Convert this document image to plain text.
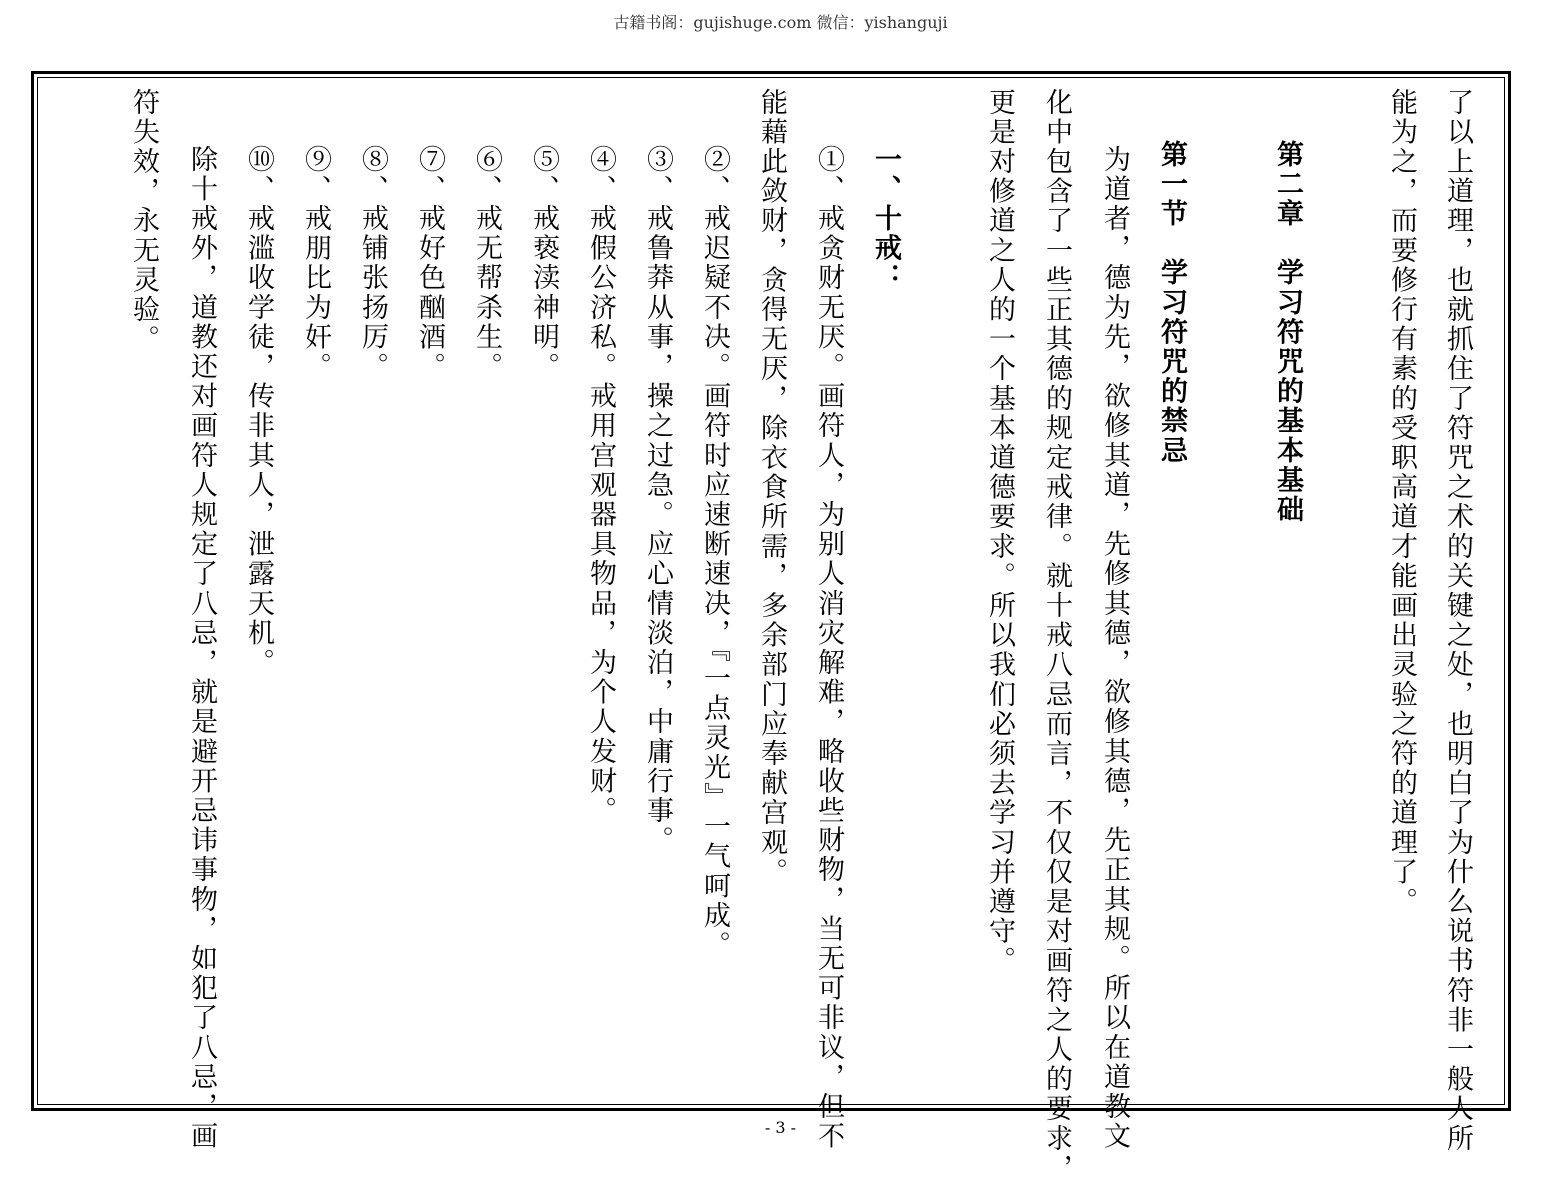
古籍书阁：gujishuge.com 微信：yishanguji
了以上道理，也就抓住了符咒之术的关键之处，也明白了为什么说书符非一般人所
能为之，而要修行有素的受职高道才能画出灵验之符的道理了。
第二章　学习符咒的基本基础
第一节　学习符咒的禁忌
为道者，德为先，欲修其道，先修其德，欲修其德，先正其规。所以在道教文
化中包含了一些正其德的规定戒律。就十戒八忌而言，不仅仅是对画符之人的要求，
更是对修道之人的一个基本道德要求。所以我们必须去学习并遵守。
一、十戒：
①、戒贪财无厌。画符人，为别人消灾解难，略收些财物，当无可非议，但不
能藉此敛财，贪得无厌，除衣食所需，多余部门应奉献宫观。
②、戒迟疑不决。画符时应速断速决，『一点灵光』一气呵成。
③、戒鲁莽从事，操之过急。应心情淡泊，中庸行事。
④、戒假公济私。戒用宫观器具物品，为个人发财。
⑤、戒亵渎神明。
⑥、戒无帮杀生。
⑦、戒好色酗酒。
⑧、戒铺张扬厉。
⑨、戒朋比为奸。
⑩、戒滥收学徒，传非其人，泄露天机。
除十戒外，道教还对画符人规定了八忌，就是避开忌讳事物，如犯了八忌，画
符失效，永无灵验。
- 3 -
